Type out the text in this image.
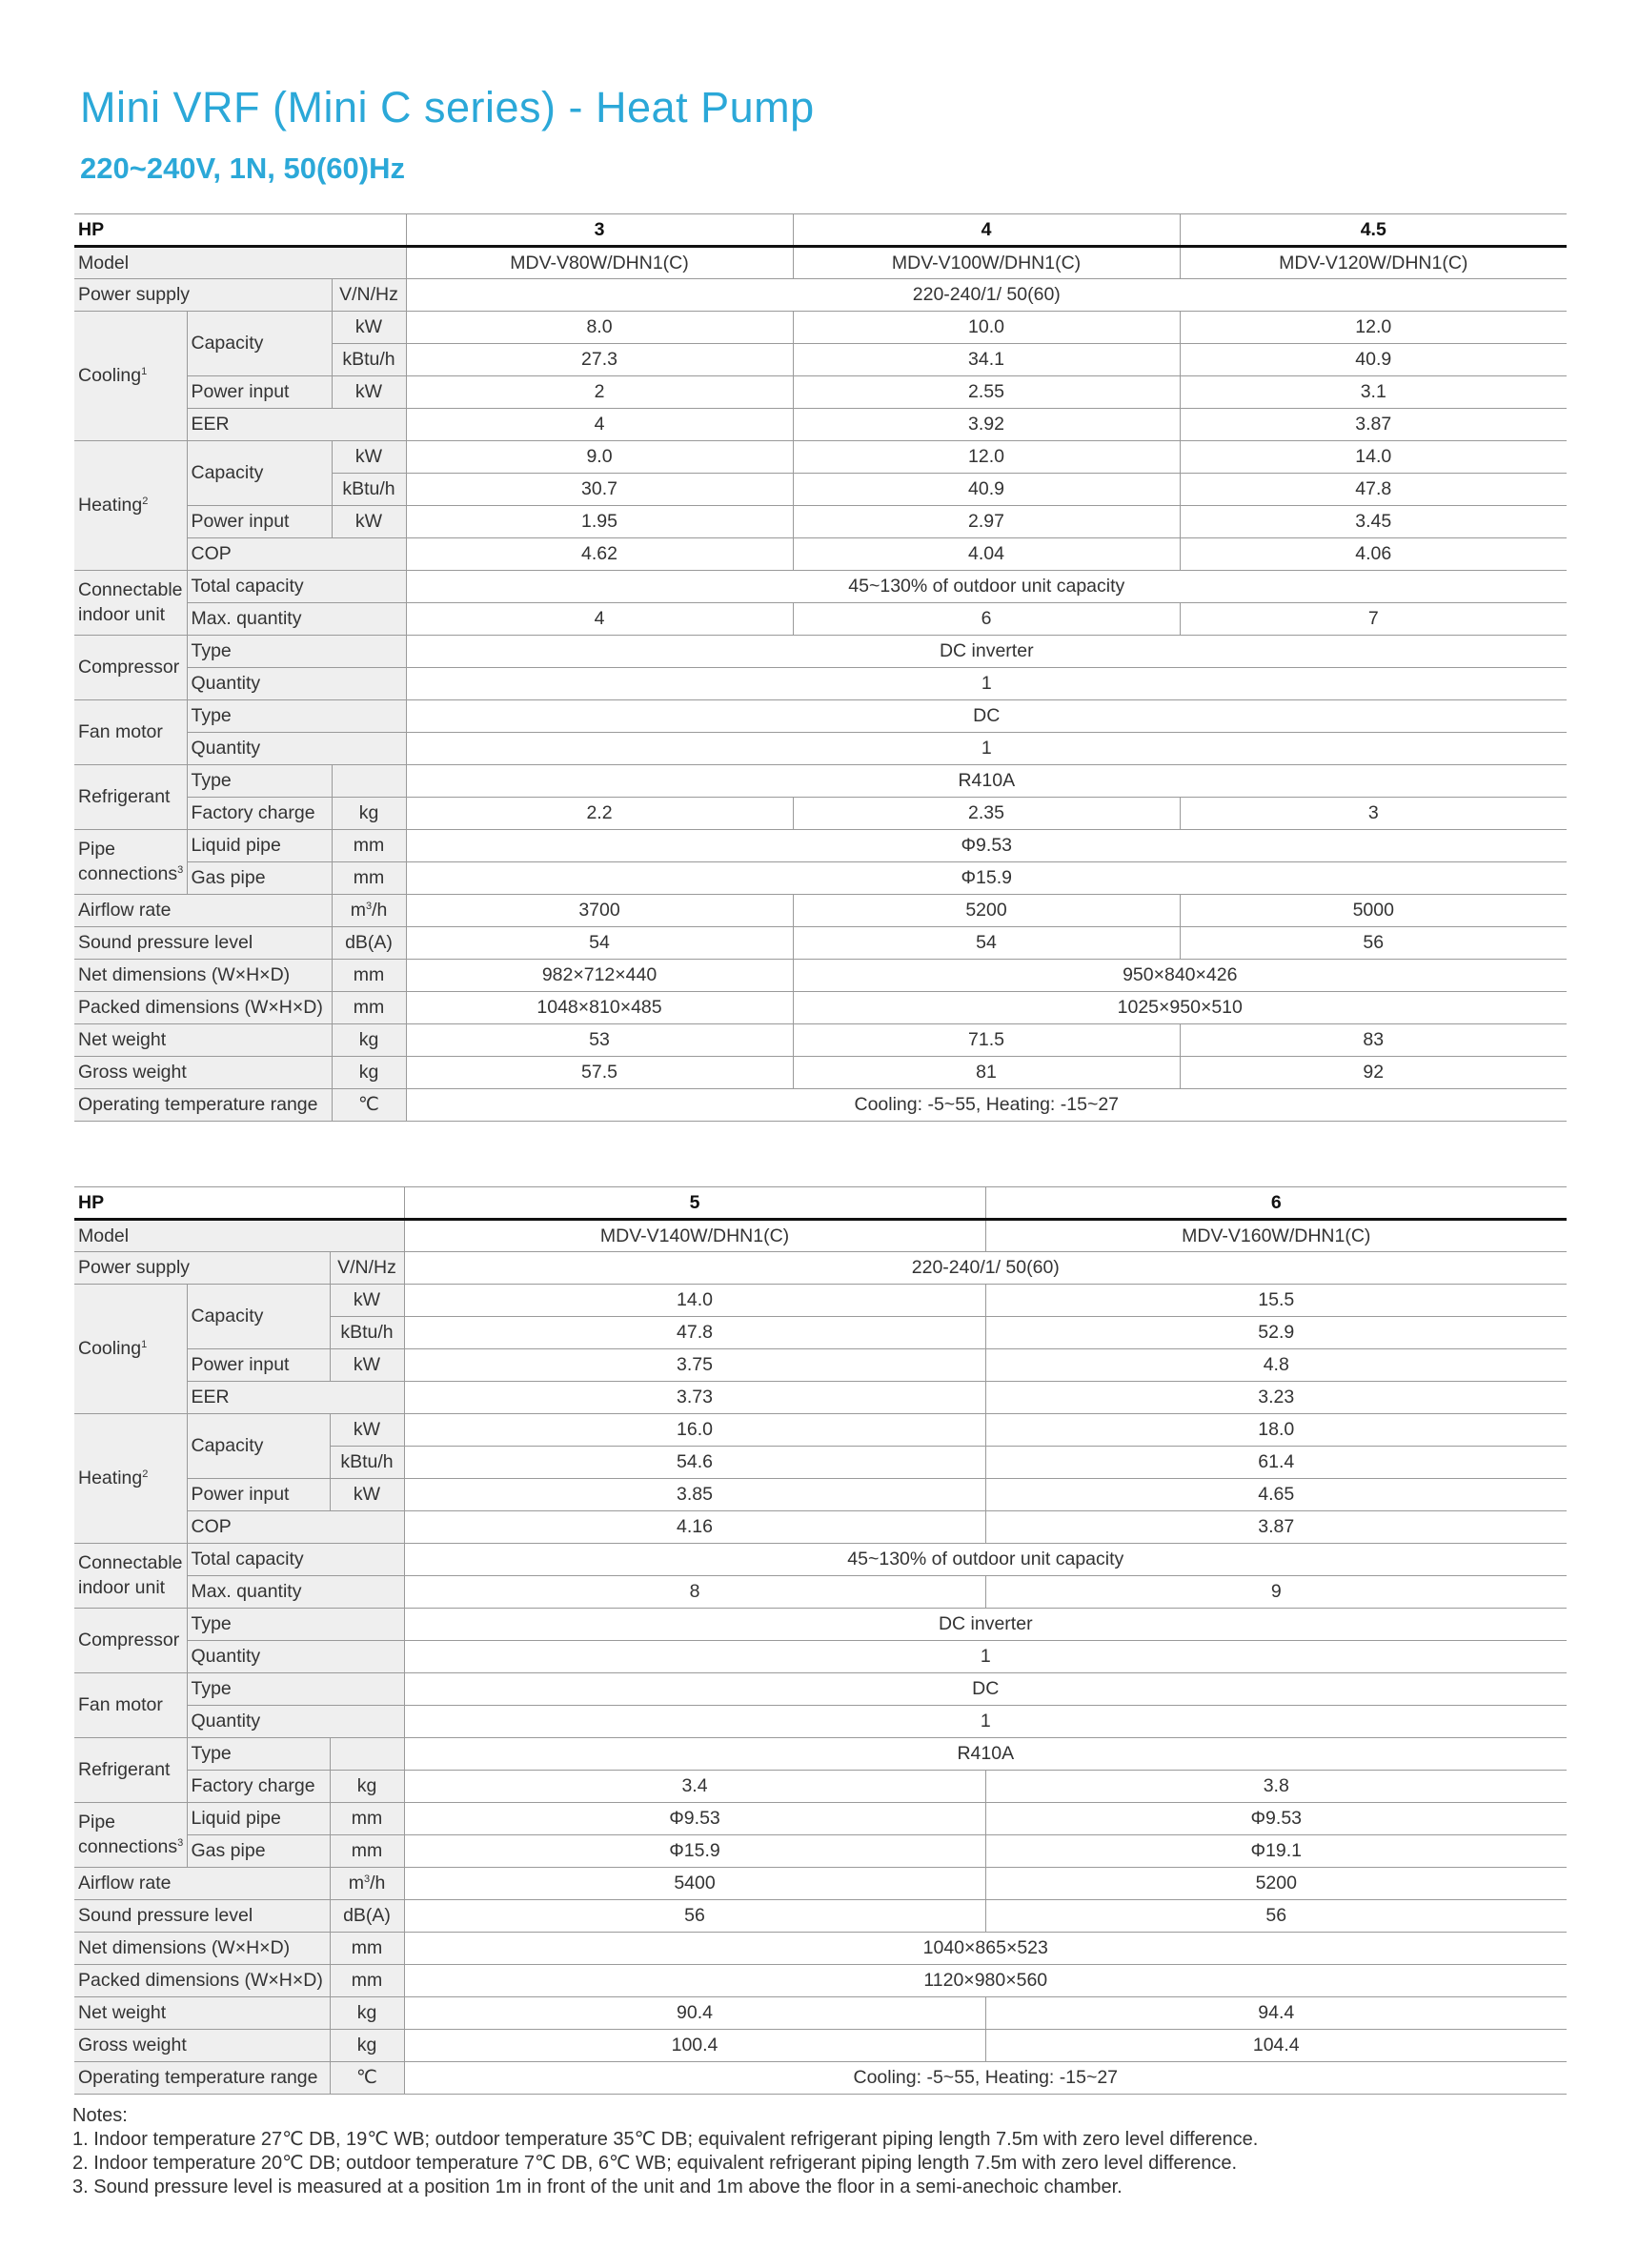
Mini VRF (Mini C series) - Heat Pump
220~240V, 1N, 50(60)Hz
HP			3	4	4.5
Model			MDV-V80W/DHN1(C)	MDV-V100W/DHN1(C)	MDV-V120W/DHN1(C)
Power supply		V/N/Hz	220-240/1/ 50(60)		
Cooling$^1$	Capacity	kW	8.0	10.0	12.0
		kBtu/h	27.3	34.1	40.9
	Power input	kW	2	2.55	3.1
	EER		4	3.92	3.87
Heating$^2$	Capacity	kW	9.0	12.0	14.0
		kBtu/h	30.7	40.9	47.8
	Power input	kW	1.95	2.97	3.45
	COP		4.62	4.04	4.06
Connectable
indoor unit	Total capacity		45~130% of outdoor unit capacity		
	Max. quantity		4	6	7
Compressor	Type		DC inverter		
	Quantity		1		
Fan motor	Type		DC		
	Quantity		1		
Refrigerant	Type		R410A		
	Factory charge	kg	2.2	2.35	3
Pipe
connections$^3$	Liquid pipe	mm	Φ9.53		
	Gas pipe	mm	Φ15.9		
Airflow rate		$m^3/h$	3700	5200	5000
Sound pressure level		dB(A)	54	54	56
Net dimensions (W×H×D)		mm	982×712×440	950×840×426	
Packed dimensions (W×H×D)		mm	1048×810×485	1025×950×510	
Net weight		kg	53	71.5	83
Gross weight		kg	57.5	81	92
Operating temperature range		℃	Cooling: -5~55, Heating: -15~27		
HP			5	6
Model			MDV-V140W/DHN1(C)	MDV-V160W/DHN1(C)
Power supply		V/N/Hz	220-240/1/ 50(60)	
Cooling$^1$	Capacity	kW	14.0	15.5
		kBtu/h	47.8	52.9
	Power input	kW	3.75	4.8
	EER		3.73	3.23
Heating$^2$	Capacity	kW	16.0	18.0
		kBtu/h	54.6	61.4
	Power input	kW	3.85	4.65
	COP		4.16	3.87
Connectable
indoor unit	Total capacity		45~130% of outdoor unit capacity	
	Max. quantity		8	9
Compressor	Type		DC inverter	
	Quantity		1	
Fan motor	Type		DC	
	Quantity		1	
Refrigerant	Type		R410A	
	Factory charge	kg	3.4	3.8
Pipe
connections$^3$	Liquid pipe	mm	Φ9.53	Φ9.53
	Gas pipe	mm	Φ15.9	Φ19.1
Airflow rate		$m^3/h$	5400	5200
Sound pressure level		dB(A)	56	56
Net dimensions (W×H×D)		mm	1040×865×523	
Packed dimensions (W×H×D)		mm	1120×980×560	
Net weight		kg	90.4	94.4
Gross weight		kg	100.4	104.4
Operating temperature range		℃	Cooling: -5~55, Heating: -15~27	
Notes:
1. Indoor temperature 27℃ DB, 19℃ WB; outdoor temperature 35℃ DB; equivalent refrigerant piping length 7.5m with zero level difference.
2. Indoor temperature 20℃ DB; outdoor temperature 7℃ DB, 6℃ WB; equivalent refrigerant piping length 7.5m with zero level difference.
3. Sound pressure level is measured at a position 1m in front of the unit and 1m above the floor in a semi-anechoic chamber.
